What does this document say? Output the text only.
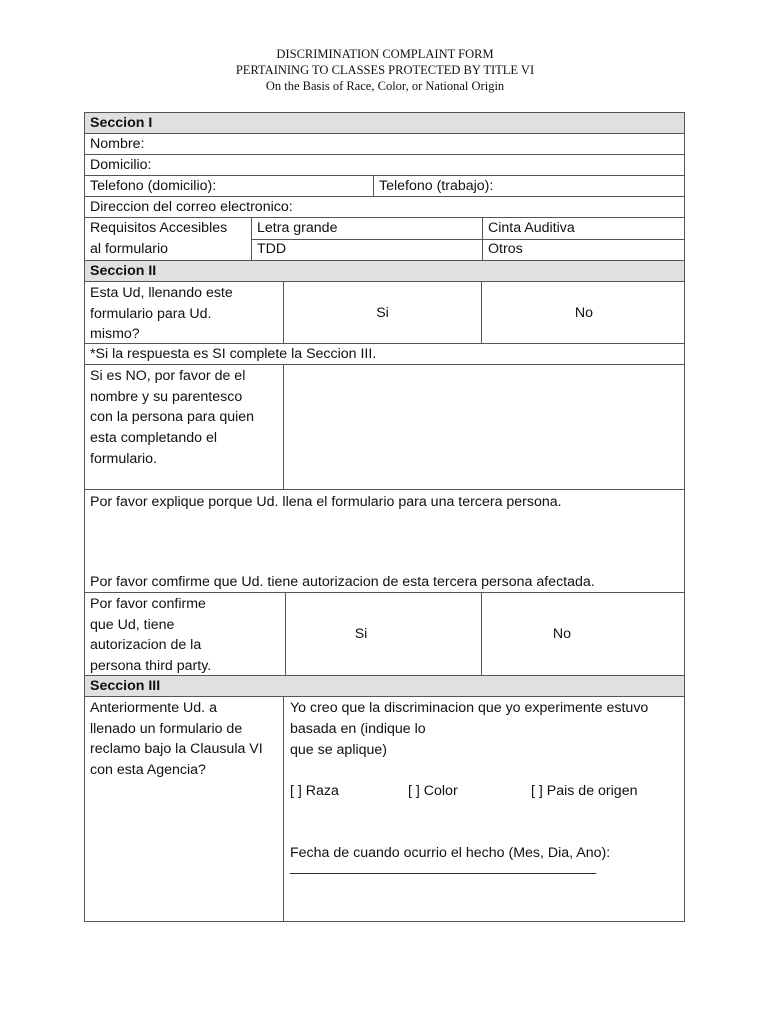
DISCRIMINATION COMPLAINT FORM
PERTAINING TO CLASSES PROTECTED BY TITLE VI
On the Basis of Race, Color, or National Origin
Seccion I
Nombre:
Domicilio:
Telefono (domicilio):	Telefono (trabajo):
Direccion del correo electronico:
Requisitos Accesibles
al formulario
Letra grande	Cinta Auditiva
TDD	Otros
Seccion II
Esta Ud, llenando este
formulario para Ud.
mismo?
Si	No
*Si la respuesta es SI complete la Seccion III.
Si es NO, por favor de el
nombre y su parentesco
con la persona para quien
esta completando el
formulario.
Por favor explique porque Ud. llena el formulario para una tercera persona.
Por favor comfirme que Ud. tiene autorizacion de esta tercera persona afectada.
Por favor confirme
que Ud, tiene
autorizacion de la
persona third party.
Si	No
Seccion III
Anteriormente Ud. a
llenado un formulario de
reclamo bajo la Clausula VI
con esta Agencia?
Yo creo que la discriminacion que yo experimente estuvo
basada en (indique lo
que se aplique)
[ ] Raza	[ ] Color	[ ] Pais de origen
Fecha de cuando ocurrio el hecho (Mes, Dia, Ano):
________________________________________
